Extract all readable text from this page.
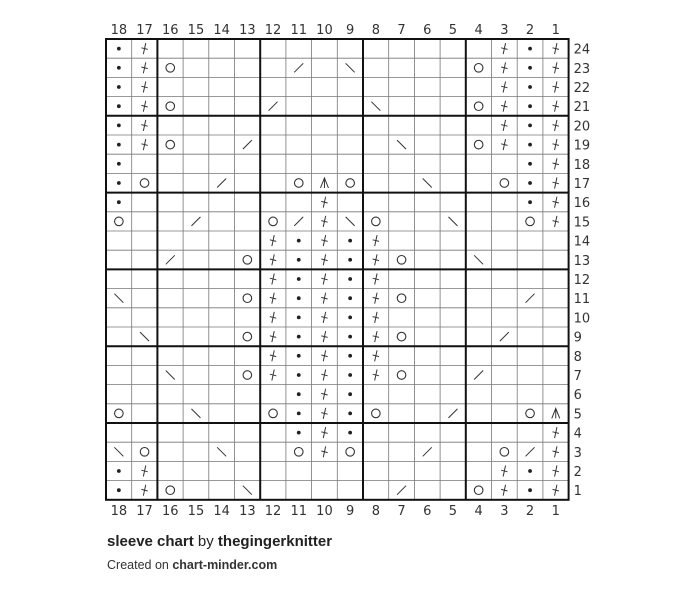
18
18
17
17
16
16
15
15
14
14
13
13
12
12
11
11
10
10
9
9
8
8
7
7
6
6
5
5
4
4
3
3
2
2
1
1
24
23
22
21
20
19
18
17
16
15
14
13
12
11
10
9
8
7
6
5
4
3
2
1
sleeve chart by thegingerknitter
Created on chart-minder.com
